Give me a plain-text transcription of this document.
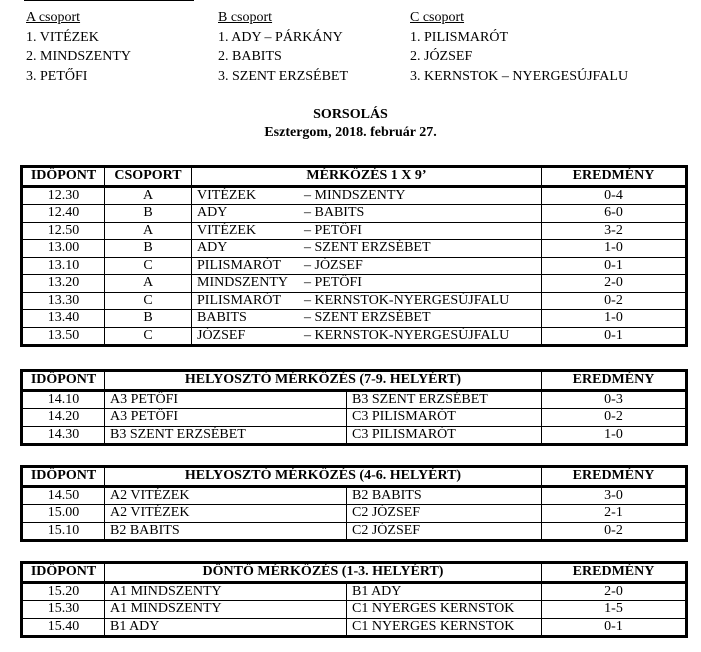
A csoport
1. VITÉZEK
2. MINDSZENTY
3. PETŐFI
B csoport
1. ADY – PÁRKÁNY
2. BABITS
3. SZENT ERZSÉBET
C csoport
1. PILISMARÓT
2. JÓZSEF
3. KERNSTOK – NYERGESÚJFALU
SORSOLÁS
Esztergom, 2018. február 27.
IDŐPONT	CSOPORT	MÉRKŐZÉS 1 X 9’	EREDMÉNY
12.30	A	VITÉZEK – MINDSZENTY	0-4
12.40	B	ADY – BABITS	6-0
12.50	A	VITÉZEK – PETŐFI	3-2
13.00	B	ADY – SZENT ERZSÉBET	1-0
13.10	C	PILISMARÓT – JÓZSEF	0-1
13.20	A	MINDSZENTY – PETŐFI	2-0
13.30	C	PILISMARÓT – KERNSTOK-NYERGESÚJFALU	0-2
13.40	B	BABITS – SZENT ERZSÉBET	1-0
13.50	C	JÓZSEF – KERNSTOK-NYERGESÚJFALU	0-1
IDŐPONT	HELYOSZTÓ MÉRKŐZÉS (7-9. HELYÉRT)		EREDMÉNY
14.10	A3 PETŐFI	B3 SZENT ERZSÉBET	0-3
14.20	A3 PETŐFI	C3 PILISMARÓT	0-2
14.30	B3 SZENT ERZSÉBET	C3 PILISMARÓT	1-0
IDŐPONT	HELYOSZTÓ MÉRKŐZÉS (4-6. HELYÉRT)		EREDMÉNY
14.50	A2 VITÉZEK	B2 BABITS	3-0
15.00	A2 VITÉZEK	C2 JÓZSEF	2-1
15.10	B2 BABITS	C2 JÓZSEF	0-2
IDŐPONT	DÖNTŐ MÉRKŐZÉS (1-3. HELYÉRT)		EREDMÉNY
15.20	A1 MINDSZENTY	B1 ADY	2-0
15.30	A1 MINDSZENTY	C1 NYERGES KERNSTOK	1-5
15.40	B1 ADY	C1 NYERGES KERNSTOK	0-1
